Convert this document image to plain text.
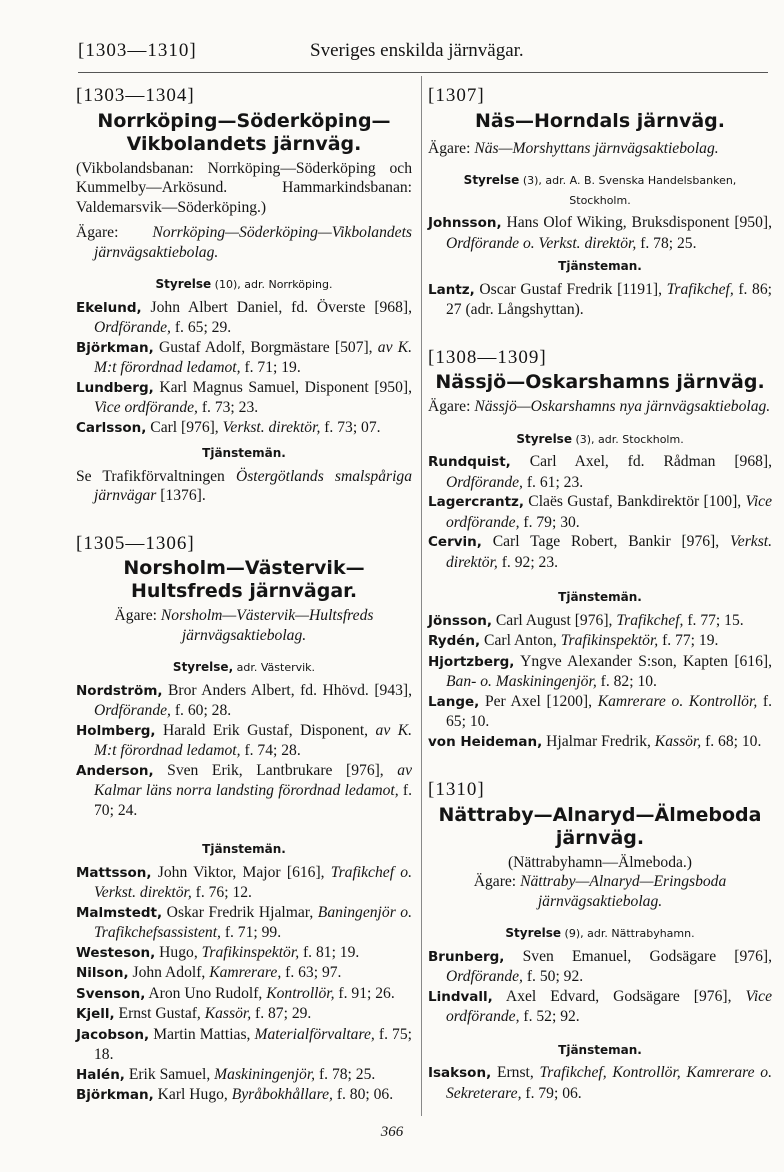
[1303—1310]	Sveriges enskilda järnvägar.
[1303—1304]
Norrköping—Söderköping—Vikbolandets järnväg.
(Vikbolandsbanan: Norrköping—Söderköping och Kummelby—Arkösund. Hammarkindsbanan: Valdemarsvik—Söderköping.)
Ägare: Norrköping—Söderköping—Vikbolandets järnvägsaktiebolag.
Styrelse (10), adr. Norrköping.
Ekelund, John Albert Daniel, fd. Överste [968], Ordförande, f. 65; 29.
Björkman, Gustaf Adolf, Borgmästare [507], av K. M:t förordnad ledamot, f. 71; 19.
Lundberg, Karl Magnus Samuel, Disponent [950], Vice ordförande, f. 73; 23.
Carlsson, Carl [976], Verkst. direktör, f. 73; 07.
Tjänstemän.
Se Trafikförvaltningen Östergötlands smalspåriga järnvägar [1376].
[1305—1306]
Norsholm—Västervik—Hultsfreds järnvägar.
Ägare: Norsholm—Västervik—Hultsfreds järnvägsaktiebolag.
Styrelse, adr. Västervik.
Nordström, Bror Anders Albert, fd. Hhövd. [943], Ordförande, f. 60; 28.
Holmberg, Harald Erik Gustaf, Disponent, av K. M:t förordnad ledamot, f. 74; 28.
Anderson, Sven Erik, Lantbrukare [976], av Kalmar läns norra landsting förordnad ledamot, f. 70; 24.
Tjänstemän.
Mattsson, John Viktor, Major [616], Trafikchef o. Verkst. direktör, f. 76; 12.
Malmstedt, Oskar Fredrik Hjalmar, Baningenjör o. Trafikchefsassistent, f. 71; 99.
Westeson, Hugo, Trafikinspektör, f. 81; 19.
Nilson, John Adolf, Kamrerare, f. 63; 97.
Svenson, Aron Uno Rudolf, Kontrollör, f. 91; 26.
Kjell, Ernst Gustaf, Kassör, f. 87; 29.
Jacobson, Martin Mattias, Materialförvaltare, f. 75; 18.
Halén, Erik Samuel, Maskiningenjör, f. 78; 25.
Björkman, Karl Hugo, Byråbokhållare, f. 80; 06.
[1307]
Näs—Horndals järnväg.
Ägare: Näs—Morshyttans järnvägsaktiebolag.
Styrelse (3), adr. A. B. Svenska Handelsbanken, Stockholm.
Johnsson, Hans Olof Wiking, Bruksdisponent [950], Ordförande o. Verkst. direktör, f. 78; 25.
Tjänsteman.
Lantz, Oscar Gustaf Fredrik [1191], Trafikchef, f. 86; 27 (adr. Långshyttan).
[1308—1309]
Nässjö—Oskarshamns järnväg.
Ägare: Nässjö—Oskarshamns nya järnvägsaktiebolag.
Styrelse (3), adr. Stockholm.
Rundquist, Carl Axel, fd. Rådman [968], Ordförande, f. 61; 23.
Lagercrantz, Claës Gustaf, Bankdirektör [100], Vice ordförande, f. 79; 30.
Cervin, Carl Tage Robert, Bankir [976], Verkst. direktör, f. 92; 23.
Tjänstemän.
Jönsson, Carl August [976], Trafikchef, f. 77; 15.
Rydén, Carl Anton, Trafikinspektör, f. 77; 19.
Hjortzberg, Yngve Alexander S:son, Kapten [616], Ban- o. Maskiningenjör, f. 82; 10.
Lange, Per Axel [1200], Kamrerare o. Kontrollör, f. 65; 10.
von Heideman, Hjalmar Fredrik, Kassör, f. 68; 10.
[1310]
Nättraby—Alnaryd—Älmeboda järnväg.
(Nättrabyhamn—Älmeboda.)
Ägare: Nättraby—Alnaryd—Eringsboda järnvägsaktiebolag.
Styrelse (9), adr. Nättrabyhamn.
Brunberg, Sven Emanuel, Godsägare [976], Ordförande, f. 50; 92.
Lindvall, Axel Edvard, Godsägare [976], Vice ordförande, f. 52; 92.
Tjänsteman.
Isakson, Ernst, Trafikchef, Kontrollör, Kamrerare o. Sekreterare, f. 79; 06.
366
